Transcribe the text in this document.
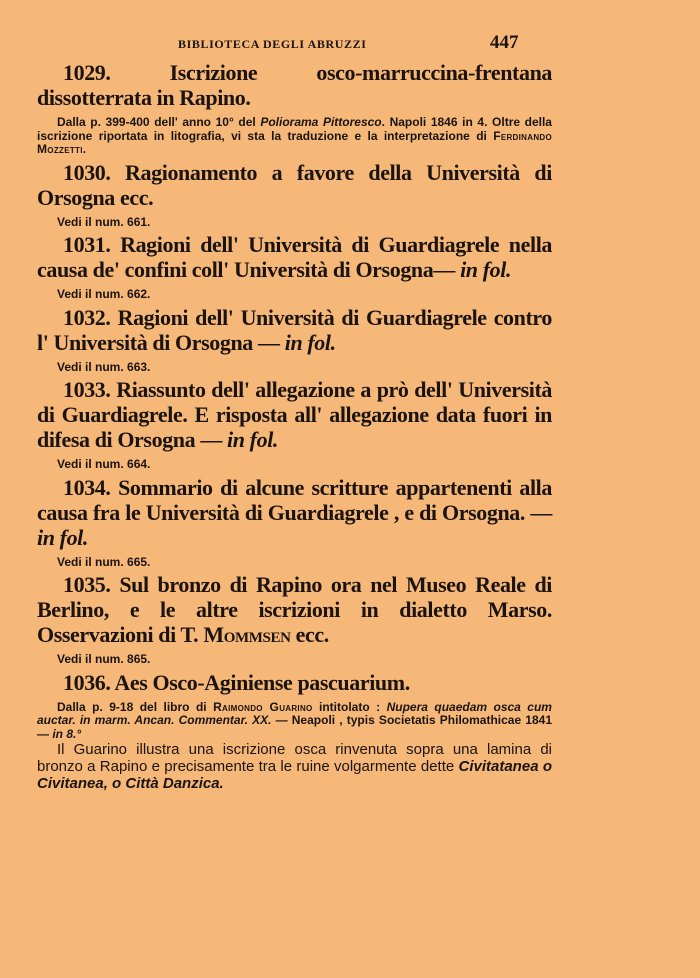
BIBLIOTECA DEGLI ABRUZZI	447

1029.	Iscrizione osco-marruccina-frentana dissotterrata in Rapino.

Dalla p. 399-400 dell' anno 10° del Poliorama Pittoresco. Napoli 1846 in 4. Oltre della iscrizione riportata in litografia, vi sta la traduzione e la interpretazione di Ferdinando Mozzetti.

1030. Ragionamento a favore della Università di Orsogna ecc.

Vedi il num. 661.

1031. Ragioni dell' Università di Guardiagrele nella causa de' confini coll' Università di Orsogna— in fol.

Vedi il num. 662.

1032. Ragioni dell' Università di Guardiagrele contro l' Università di Orsogna — in fol.

Vedi il num. 663.

1033. Riassunto dell' allegazione a prò dell' Università di Guardiagrele. E risposta all' allegazione data fuori in difesa di Orsogna — in fol.

Vedi il num. 664.

1034. Sommario di alcune scritture appartenenti alla causa fra le Università di Guardiagrele , e di Orsogna. — in fol.

Vedi il num. 665.

1035. Sul bronzo di Rapino ora nel Museo Reale di Berlino, e le altre iscrizioni in dialetto Marso. Osservazioni di T. Mommsen ecc.

Vedi il num. 865.

1036. Aes Osco-Aginiense pascuarium.

Dalla p. 9-18 del libro di Raimondo Guarino intitolato : Nupera quaedam osca cum auctar. in marm. Ancan. Commentar. XX. — Neapoli , typis Societatis Philomathicae 1841 — in 8.°

Il Guarino illustra una iscrizione osca rinvenuta sopra una lamina di bronzo a Rapino e precisamente tra le ruine volgarmente dette Civitatanea o Civitanea, o Città Danzica.
